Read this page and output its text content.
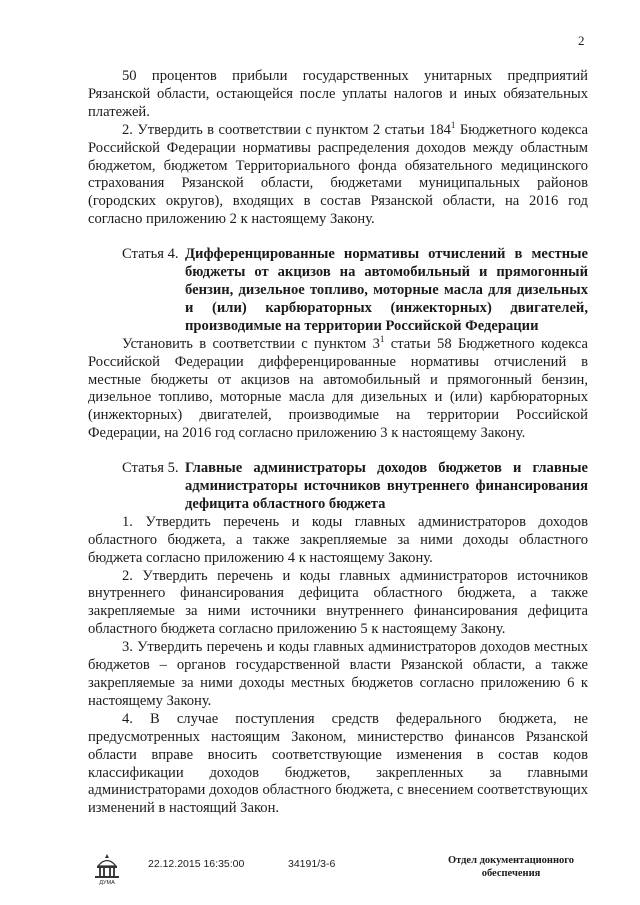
2

50 процентов прибыли государственных унитарных предприятий Рязанской области, остающейся после уплаты налогов и иных обязательных платежей.

2. Утвердить в соответствии с пунктом 2 статьи $184^1$ Бюджетного кодекса Российской Федерации нормативы распределения доходов между областным бюджетом, бюджетом Территориального фонда обязательного медицинского страхования Рязанской области, бюджетами муниципальных районов (городских округов), входящих в состав Рязанской области, на 2016 год согласно приложению 2 к настоящему Закону.

Статья 4. Дифференцированные нормативы отчислений в местные бюджеты от акцизов на автомобильный и прямогонный бензин, дизельное топливо, моторные масла для дизельных и (или) карбюраторных (инжекторных) двигателей, производимые на территории Российской Федерации

Установить в соответствии с пунктом $3^1$ статьи 58 Бюджетного кодекса Российской Федерации дифференцированные нормативы отчислений в местные бюджеты от акцизов на автомобильный и прямогонный бензин, дизельное топливо, моторные масла для дизельных и (или) карбюраторных (инжекторных) двигателей, производимые на территории Российской Федерации, на 2016 год согласно приложению 3 к настоящему Закону.

Статья 5. Главные администраторы доходов бюджетов и главные администраторы источников внутреннего финансирования дефицита областного бюджета

1. Утвердить перечень и коды главных администраторов доходов областного бюджета, а также закрепляемые за ними доходы областного бюджета согласно приложению 4 к настоящему Закону.

2. Утвердить перечень и коды главных администраторов источников внутреннего финансирования дефицита областного бюджета, а также закрепляемые за ними источники внутреннего финансирования дефицита областного бюджета согласно приложению 5 к настоящему Закону.

3. Утвердить перечень и коды главных администраторов доходов местных бюджетов – органов государственной власти Рязанской области, а также закрепляемые за ними доходы местных бюджетов согласно приложению 6 к настоящему Закону.

4. В случае поступления средств федерального бюджета, не предусмотренных настоящим Законом, министерство финансов Рязанской области вправе вносить соответствующие изменения в состав кодов классификации доходов бюджетов, закрепленных за главными администраторами доходов областного бюджета, с внесением соответствующих изменений в настоящий Закон.

ДУМА
22.12.2015 16:35:00	34191/3-6	Отдел документационного
обеспечения
